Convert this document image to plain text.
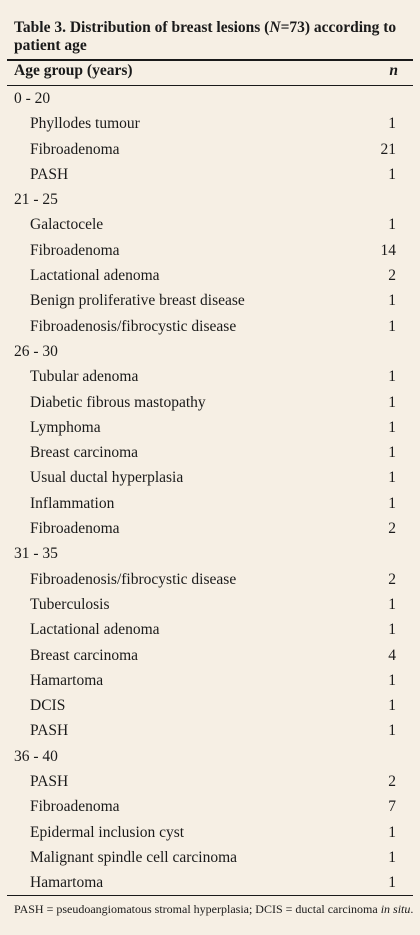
Table 3. Distribution of breast lesions (N=73) according to patient age
Age group (years)	n
0 - 20
Phyllodes tumour	1
Fibroadenoma	21
PASH	1
21 - 25
Galactocele	1
Fibroadenoma	14
Lactational adenoma	2
Benign proliferative breast disease	1
Fibroadenosis/fibrocystic disease	1
26 - 30
Tubular adenoma	1
Diabetic fibrous mastopathy	1
Lymphoma	1
Breast carcinoma	1
Usual ductal hyperplasia	1
Inflammation	1
Fibroadenoma	2
31 - 35
Fibroadenosis/fibrocystic disease	2
Tuberculosis	1
Lactational adenoma	1
Breast carcinoma	4
Hamartoma	1
DCIS	1
PASH	1
36 - 40
PASH	2
Fibroadenoma	7
Epidermal inclusion cyst	1
Malignant spindle cell carcinoma	1
Hamartoma	1
PASH = pseudoangiomatous stromal hyperplasia; DCIS = ductal carcinoma in situ.
